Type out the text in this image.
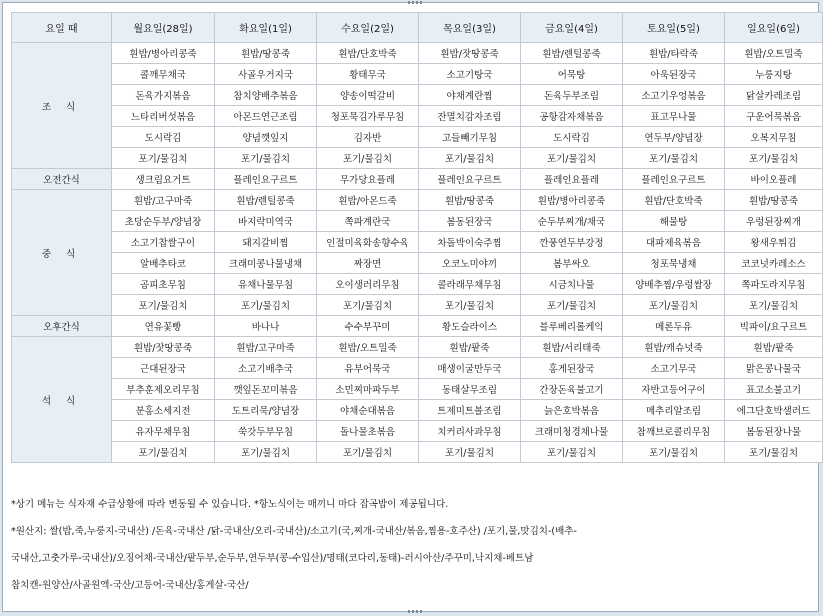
요일 때	월요일(28일)	화요일(1일)	수요일(2일)	목요일(3일)	금요일(4일)	토요일(5일)	일요일(6일)
조 식	흰밥/병아리콩죽	흰밥/땅콩죽	흰밥/단호박죽	흰밥/잣땅콩죽	흰밥/렌틸콩죽	흰밥/타락죽	흰밥/오트밀죽
	콜깨무채국	사골우거지국	황태무국	소고기탕국	어묵탕	아욱된장국	누룽지탕
	돈육가지볶음	참치양배추볶음	양송이떡갈비	야채계란찜	돈육두부조림	소고기우엉볶음	닭살카레조림
	느타리버섯볶음	아몬드연근조림	청포묵김가루무침	잔멸치감자조림	공항감자채볶음	표고무나물	구운어묵볶음
	도시락김	양념깻잎지	김자반	고들빼기무침	도시락김	연두부/양념장	오복지무침
	포기/물김치	포기/물김치	포기/물김치	포기/물김치	포기/물김치	포기/물김치	포기/물김치
오전간식	생크림요거트	플레인요구르트	무가당요플레	플레인요구르트	플레인요플레	플레인요구르트	바이오플레
중 식	흰밥/고구마죽	흰밥/렌틸콩죽	흰밥/아몬드죽	흰밥/땅콩죽	흰밥/병아리콩죽	흰밥/단호박죽	흰밥/땅콩죽
	초당순두부/양념장	바지락미역국	쪽파계란국	봄동된장국	순두부찌개/채국	해물탕	우렁된장찌개
	소고기찹쌀구이	돼지갈비찜	인절미육화송향수육	차돌박이숙주찜	깐풍연두부강정	대파제육볶음	왕새우튀김
	알배추타코	크래미콩나물냉채	짜장면	오코노미야끼	봄부싸오	청포묵냉채	코코넛카레소스
	곰피초무침	유채나물무침	오이생러리무침	콜라래무채무침	시금치나물	양배추찜/우렁쌈장	쪽파도라지무침
	포기/물김치	포기/물김치	포기/물김치	포기/물김치	포기/물김치	포기/물김치	포기/물김치
오후간식	연유꽃빵	바나나	수수부꾸미	황도슬라이스	블루베리롤케익	메론두유	빅파이/요구르트
석 식	흰밥/잣땅콩죽	흰밥/고구마죽	흰밥/오트밀죽	흰밥/팥죽	흰밥/서리태죽	흰밥/캐슈넛죽	흰밥/팥죽
	근대된장국	소고기배추국	유부어묵국	매생이굴만두국	홍게된장국	소고기무국	맑은콩나물국
	부추훈제오리무침	깻잎돈꼬미볶음	소민찌마파두부	동태살무조림	간장돈육불고기	자반고등어구이	표고소불고기
	분홍소세지전	도트리묵/양념장	야채순대볶음	트제미트볼조림	늙은호박볶음	메추리알조림	에그단호박샐러드
	유자무채무침	쑥갓두부무침	돌나물초볶음	치커리사과무침	크래미청경채나물	참깨브로콜리무침	봄동된장나물
	포기/물김치	포기/물김치	포기/물김치	포기/물김치	포기/물김치	포기/물김치	포기/물김치
*상기 메뉴는 식자재 수급상황에 따라 변동될 수 있습니다. *항노식이는 매끼니 마다 잡곡밥이 제공됩니다.
*원산지: 쌀(밥,죽,누룽지-국내산) /돈육-국내산 /닭-국내산/오리-국내산)/소고기(국,찌개-국내산/볶음,찜용-호주산) /포기,물,맛김치-(배추-
국내산,고춧가루-국내산)/오징어채-국내산/팥두부,순두부,연두부(콩-수입산)/명태(코다리,동태)-러시아산/주꾸미,낙지채-베트남
참치캔-원양산/사골원액-국산/고등어-국내산/홍게살-국산/
